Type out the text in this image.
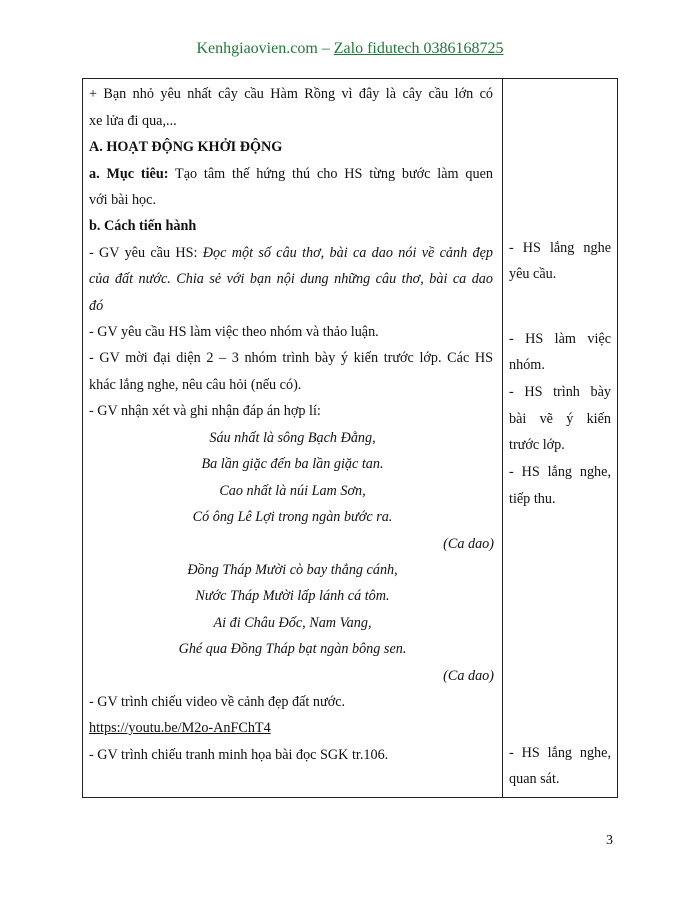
Kenhgiaovien.com – Zalo fidutech 0386168725
+ Bạn nhỏ yêu nhất cây cầu Hàm Rồng vì đây là cây cầu lớn có
xe lửa đi qua,...
A. HOẠT ĐỘNG KHỞI ĐỘNG
a. Mục tiêu: Tạo tâm thế hứng thú cho HS từng bước làm quen
với bài học.
b. Cách tiến hành
- GV yêu cầu HS: Đọc một số câu thơ, bài ca dao nói về cảnh đẹp
của đất nước. Chia sẻ với bạn nội dung những câu thơ, bài ca dao
đó
- GV yêu cầu HS làm việc theo nhóm và thảo luận.
- GV mời đại diện 2 – 3 nhóm trình bày ý kiến trước lớp. Các HS
khác lắng nghe, nêu câu hỏi (nếu có).
- GV nhận xét và ghi nhận đáp án hợp lí:
Sáu nhất là sông Bạch Đằng,
Ba lần giặc đến ba lần giặc tan.
Cao nhất là núi Lam Sơn,
Có ông Lê Lợi trong ngàn bước ra.
(Ca dao)
Đồng Tháp Mười cò bay thẳng cánh,
Nước Tháp Mười lấp lánh cá tôm.
Ai đi Châu Đốc, Nam Vang,
Ghé qua Đồng Tháp bạt ngàn bông sen.
(Ca dao)
- GV trình chiếu video về cảnh đẹp đất nước.
https://youtu.be/M2o-AnFChT4
- GV trình chiếu tranh minh họa bài đọc SGK tr.106.
- HS lắng nghe
yêu cầu.
- HS làm việc
nhóm.
- HS trình bày
bài vẽ ý kiến
trước lớp.
- HS lắng nghe,
tiếp thu.
- HS lắng nghe,
quan sát.
3
